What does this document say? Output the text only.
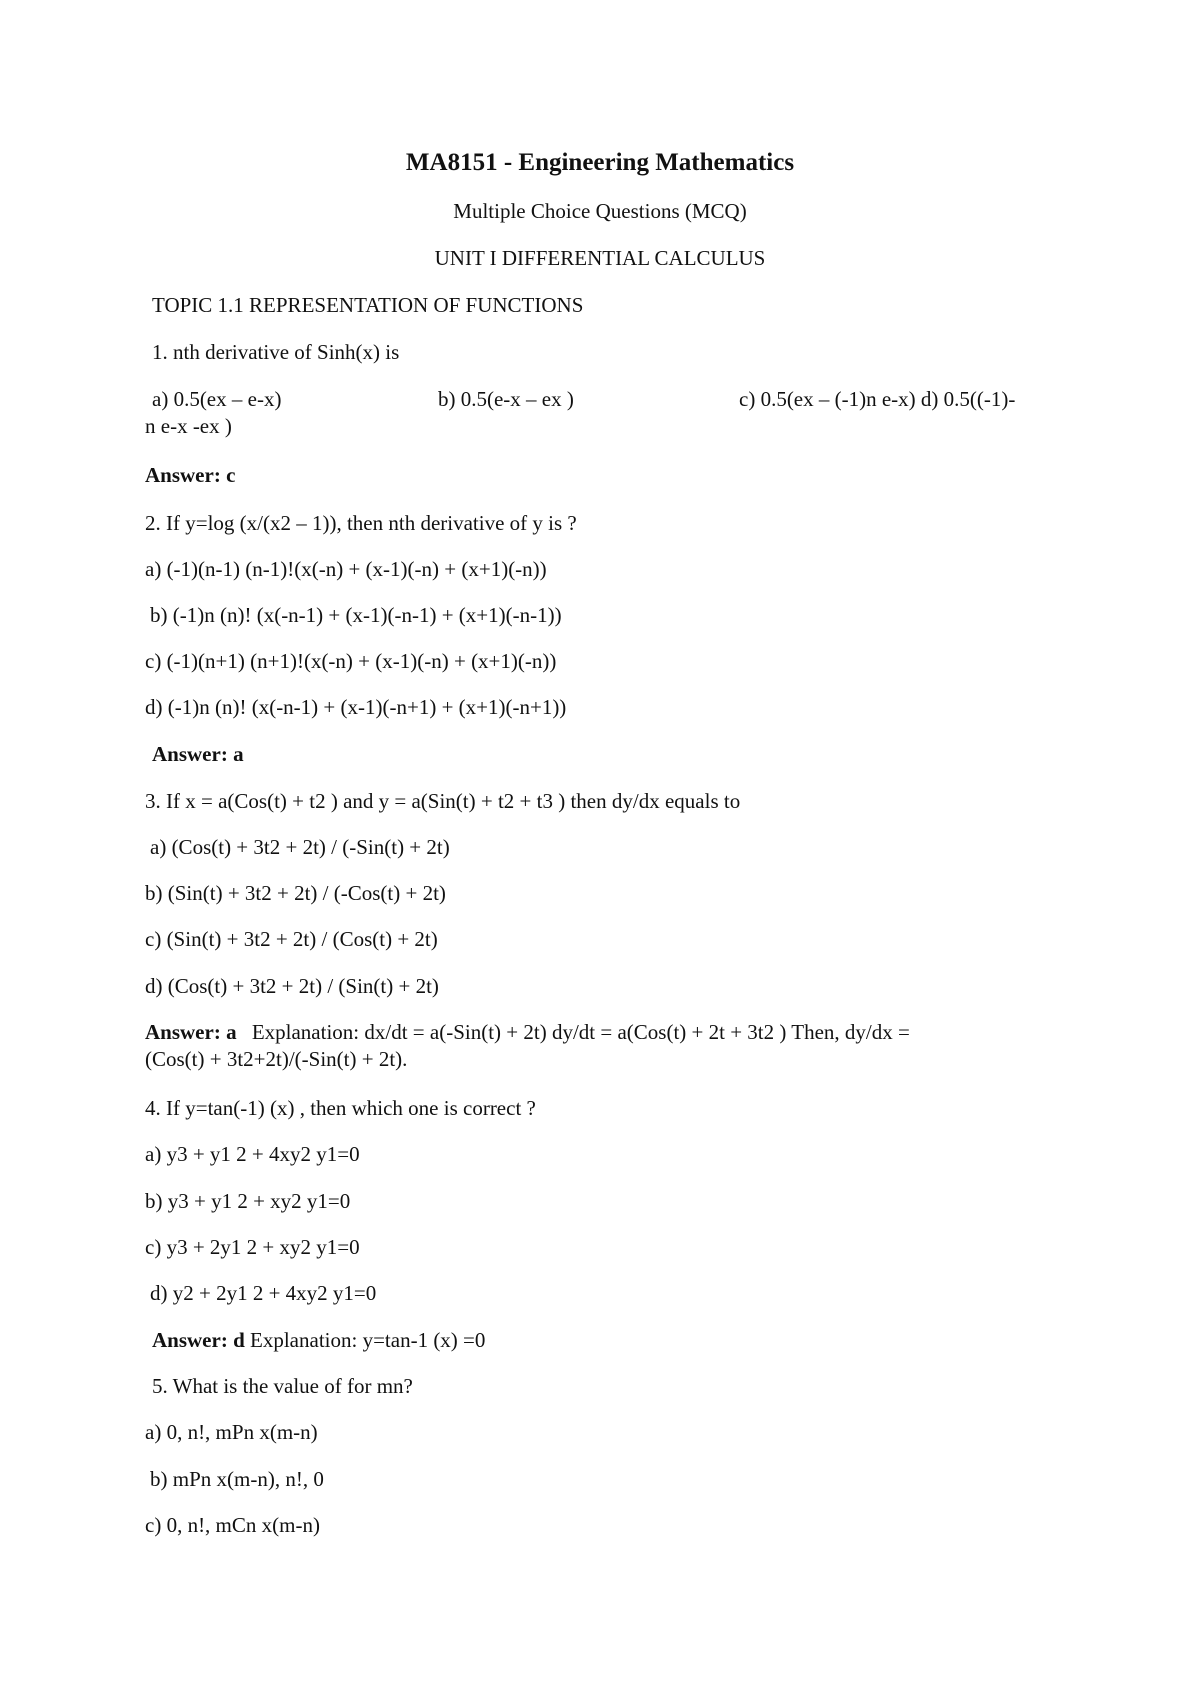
MA8151 - Engineering Mathematics
Multiple Choice Questions (MCQ)
UNIT I DIFFERENTIAL CALCULUS
TOPIC 1.1 REPRESENTATION OF FUNCTIONS
1. nth derivative of Sinh(x) is
a) 0.5(ex – e-x)	b) 0.5(e-x – ex )	c) 0.5(ex – (-1)n e-x) d) 0.5((-1)-
n e-x -ex )
Answer: c
2. If y=log (x/(x2 – 1)), then nth derivative of y is ?
a) (-1)(n-1) (n-1)!(x(-n) + (x-1)(-n) + (x+1)(-n))
b) (-1)n (n)! (x(-n-1) + (x-1)(-n-1) + (x+1)(-n-1))
c) (-1)(n+1) (n+1)!(x(-n) + (x-1)(-n) + (x+1)(-n))
d) (-1)n (n)! (x(-n-1) + (x-1)(-n+1) + (x+1)(-n+1))
Answer: a
3. If x = a(Cos(t) + t2 ) and y = a(Sin(t) + t2 + t3 ) then dy/dx equals to
a) (Cos(t) + 3t2 + 2t) / (-Sin(t) + 2t)
b) (Sin(t) + 3t2 + 2t) / (-Cos(t) + 2t)
c) (Sin(t) + 3t2 + 2t) / (Cos(t) + 2t)
d) (Cos(t) + 3t2 + 2t) / (Sin(t) + 2t)
Answer: a Explanation: dx/dt = a(-Sin(t) + 2t) dy/dt = a(Cos(t) + 2t + 3t2 ) Then, dy/dx =
(Cos(t) + 3t2+2t)/(-Sin(t) + 2t).
4. If y=tan(-1) (x) , then which one is correct ?
a) y3 + y1 2 + 4xy2 y1=0
b) y3 + y1 2 + xy2 y1=0
c) y3 + 2y1 2 + xy2 y1=0
d) y2 + 2y1 2 + 4xy2 y1=0
Answer: d Explanation: y=tan-1 (x) =0
5. What is the value of for mn?
a) 0, n!, mPn x(m-n)
b) mPn x(m-n), n!, 0
c) 0, n!, mCn x(m-n)
